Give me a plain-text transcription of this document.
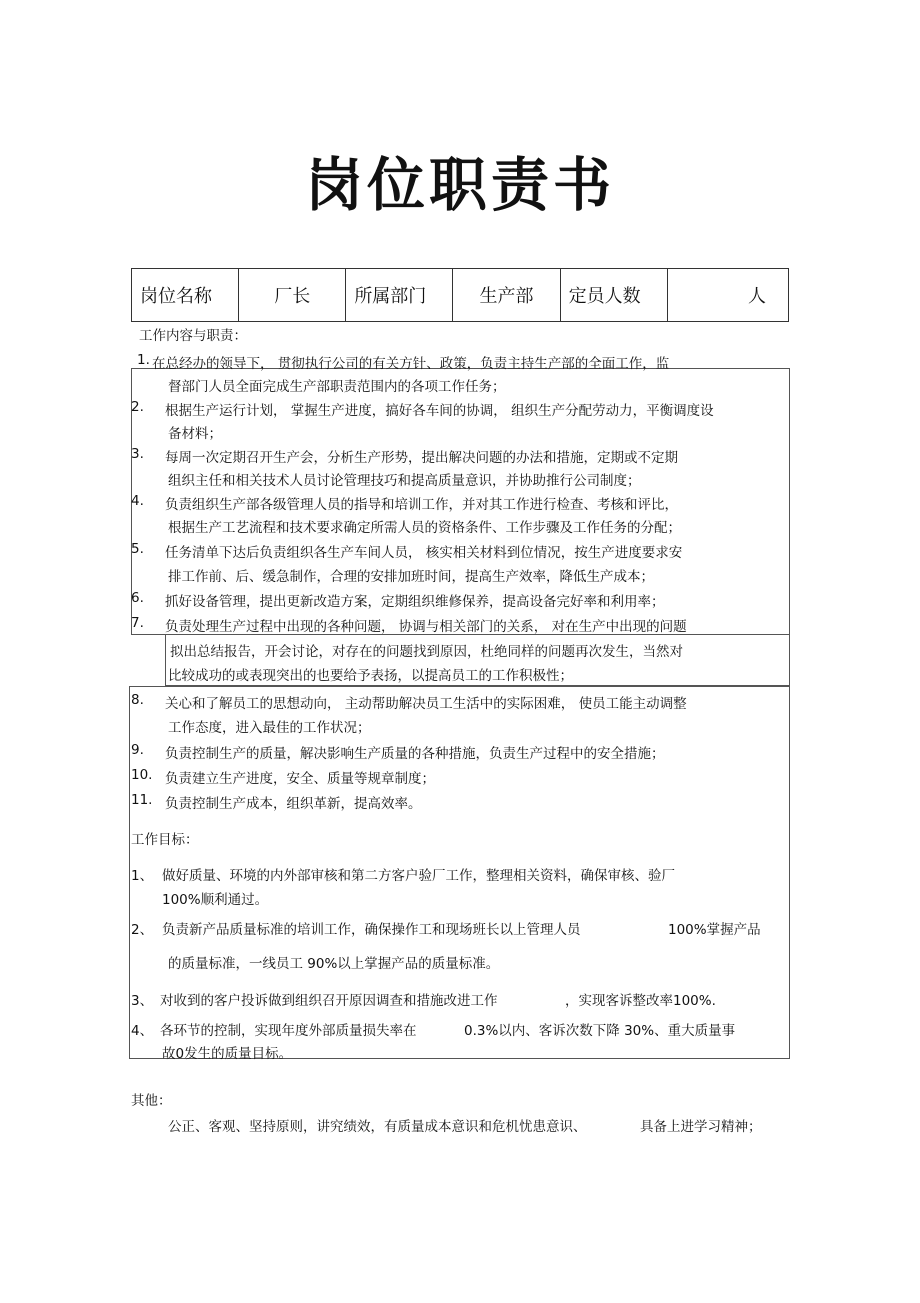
岗位职责书
岗位名称	厂长	所属部门	生产部	定员人数	人
工作内容与职责：
1. 在总经办的领导下， 贯彻执行公司的有关方针、政策，负责主持生产部的全面工作，监
督部门人员全面完成生产部职责范围内的各项工作任务；
2. 根据生产运行计划， 掌握生产进度，搞好各车间的协调， 组织生产分配劳动力，平衡调度设
备材料；
3. 每周一次定期召开生产会，分析生产形势，提出解决问题的办法和措施，定期或不定期
组织主任和相关技术人员讨论管理技巧和提高质量意识，并协助推行公司制度；
4. 负责组织生产部各级管理人员的指导和培训工作，并对其工作进行检查、考核和评比，
根据生产工艺流程和技术要求确定所需人员的资格条件、工作步骤及工作任务的分配；
5. 任务清单下达后负责组织各生产车间人员， 核实相关材料到位情况，按生产进度要求安
排工作前、后、缓急制作，合理的安排加班时间，提高生产效率，降低生产成本；
6. 抓好设备管理，提出更新改造方案，定期组织维修保养，提高设备完好率和利用率；
7. 负责处理生产过程中出现的各种问题， 协调与相关部门的关系， 对在生产中出现的问题
拟出总结报告，开会讨论，对存在的问题找到原因，杜绝同样的问题再次发生，当然对
比较成功的或表现突出的也要给予表扬，以提高员工的工作积极性；
8. 关心和了解员工的思想动向， 主动帮助解决员工生活中的实际困难， 使员工能主动调整
工作态度，进入最佳的工作状况；
9. 负责控制生产的质量，解决影响生产质量的各种措施，负责生产过程中的安全措施；
10. 负责建立生产进度，安全、质量等规章制度；
11. 负责控制生产成本，组织革新，提高效率。
工作目标：
1、 做好质量、环境的内外部审核和第二方客户验厂工作，整理相关资料，确保审核、验厂
100%顺利通过。
2、 负责新产品质量标准的培训工作，确保操作工和现场班长以上管理人员	100%掌握产品
的质量标准，一线员工 90%以上掌握产品的质量标准。
3、 对收到的客户投诉做到组织召开原因调查和措施改进工作	，实现客诉整改率100%.
4、 各环节的控制，实现年度外部质量损失率在	0.3%以内、客诉次数下降 30%、重大质量事
故0发生的质量目标。
其他：
公正、客观、坚持原则，讲究绩效，有质量成本意识和危机忧患意识、	具备上进学习精神；
